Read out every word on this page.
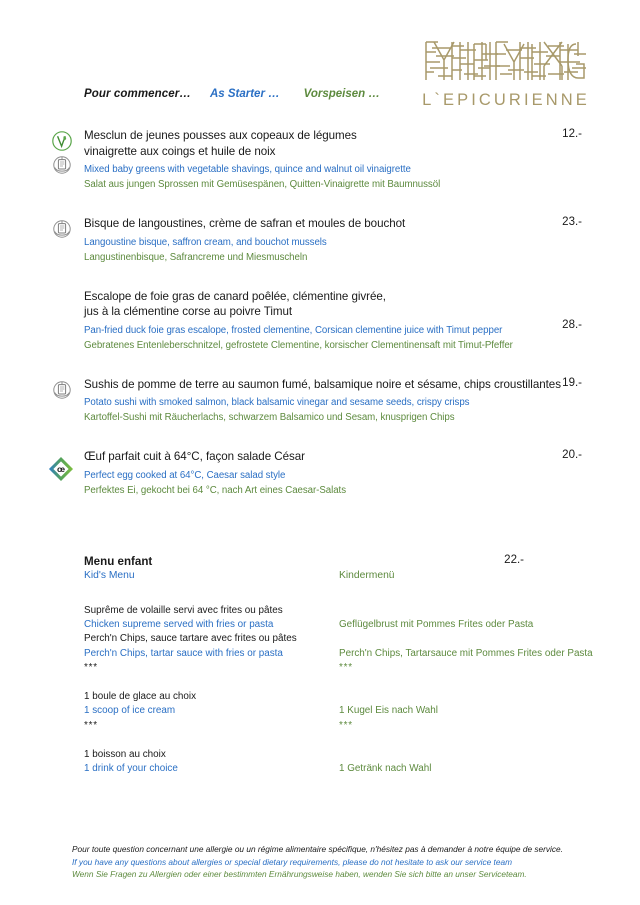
L`EPICURIENNE
Pour commencer… As Starter … Vorspeisen …
12.-
Mesclun de jeunes pousses aux copeaux de légumes
vinaigrette aux coings et huile de noix
Mixed baby greens with vegetable shavings, quince and walnut oil vinaigrette
Salat aus jungen Sprossen mit Gemüsespänen, Quitten-Vinaigrette mit Baumnussöl
23.-
Bisque de langoustines, crème de safran et moules de bouchot
Langoustine bisque, saffron cream, and bouchot mussels
Langustinenbisque, Safrancreme und Miesmuscheln
28.-
Escalope de foie gras de canard poêlée, clémentine givrée,
jus à la clémentine corse au poivre Timut
Pan-fried duck foie gras escalope, frosted clementine, Corsican clementine juice with Timut pepper
Gebratenes Entenleberschnitzel, gefrostete Clementine, korsischer Clementinensaft mit Timut-Pfeffer
19.-
Sushis de pomme de terre au saumon fumé, balsamique noire et sésame, chips croustillantes
Potato sushi with smoked salmon, black balsamic vinegar and sesame seeds, crispy crisps
Kartoffel-Sushi mit Räucherlachs, schwarzem Balsamico und Sesam, knusprigen Chips
œ
20.-
Œuf parfait cuit à 64°C, façon salade César
Perfect egg cooked at 64°C, Caesar salad style
Perfektes Ei, gekocht bei 64 °C, nach Art eines Caesar-Salats
22.-
Menu enfant
Kid's Menu	Kindermenü
Suprême de volaille servi avec frites ou pâtes
Chicken supreme served with fries or pasta
Perch'n Chips, sauce tartare avec frites ou pâtes
Perch'n Chips, tartar sauce with fries or pasta
***
1 boule de glace au choix
1 scoop of ice cream
***
1 boisson au choix
1 drink of your choice
Geflügelbrust mit Pommes Frites oder Pasta
Perch'n Chips, Tartarsauce mit Pommes Frites oder Pasta
***
1 Kugel Eis nach Wahl
***
1 Getränk nach Wahl
Pour toute question concernant une allergie ou un régime alimentaire spécifique, n'hésitez pas à demander à notre équipe de service.
If you have any questions about allergies or special dietary requirements, please do not hesitate to ask our service team
Wenn Sie Fragen zu Allergien oder einer bestimmten Ernährungsweise haben, wenden Sie sich bitte an unser Serviceteam.
